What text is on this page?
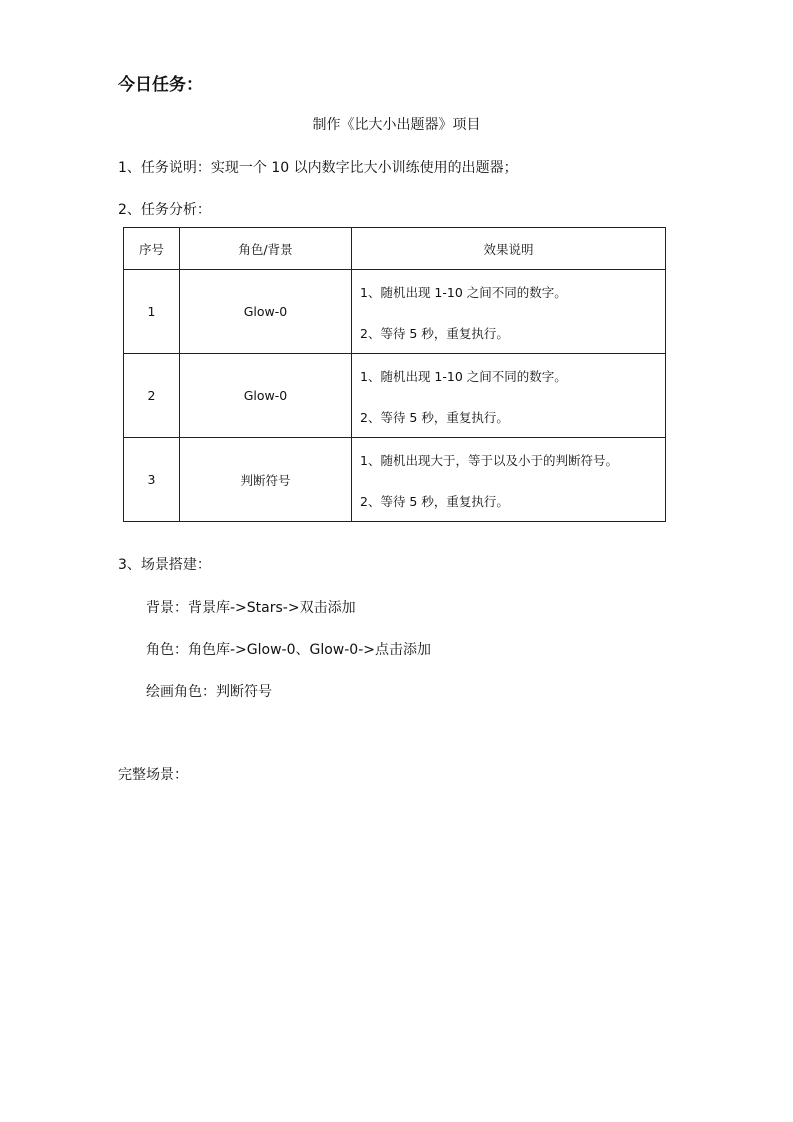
今日任务：
制作《比大小出题器》项目
1、任务说明：实现一个 10 以内数字比大小训练使用的出题器；
2、任务分析：
序号	角色/背景	效果说明
1	Glow-0	1、随机出现 1-10 之间不同的数字。
2、等待 5 秒，重复执行。

2	Glow-0	1、随机出现 1-10 之间不同的数字。
2、等待 5 秒，重复执行。

3	判断符号	1、随机出现大于，等于以及小于的判断符号。
2、等待 5 秒，重复执行。
3、场景搭建：
背景：背景库->Stars->双击添加
角色：角色库->Glow-0、Glow-0->点击添加
绘画角色：判断符号
完整场景：
